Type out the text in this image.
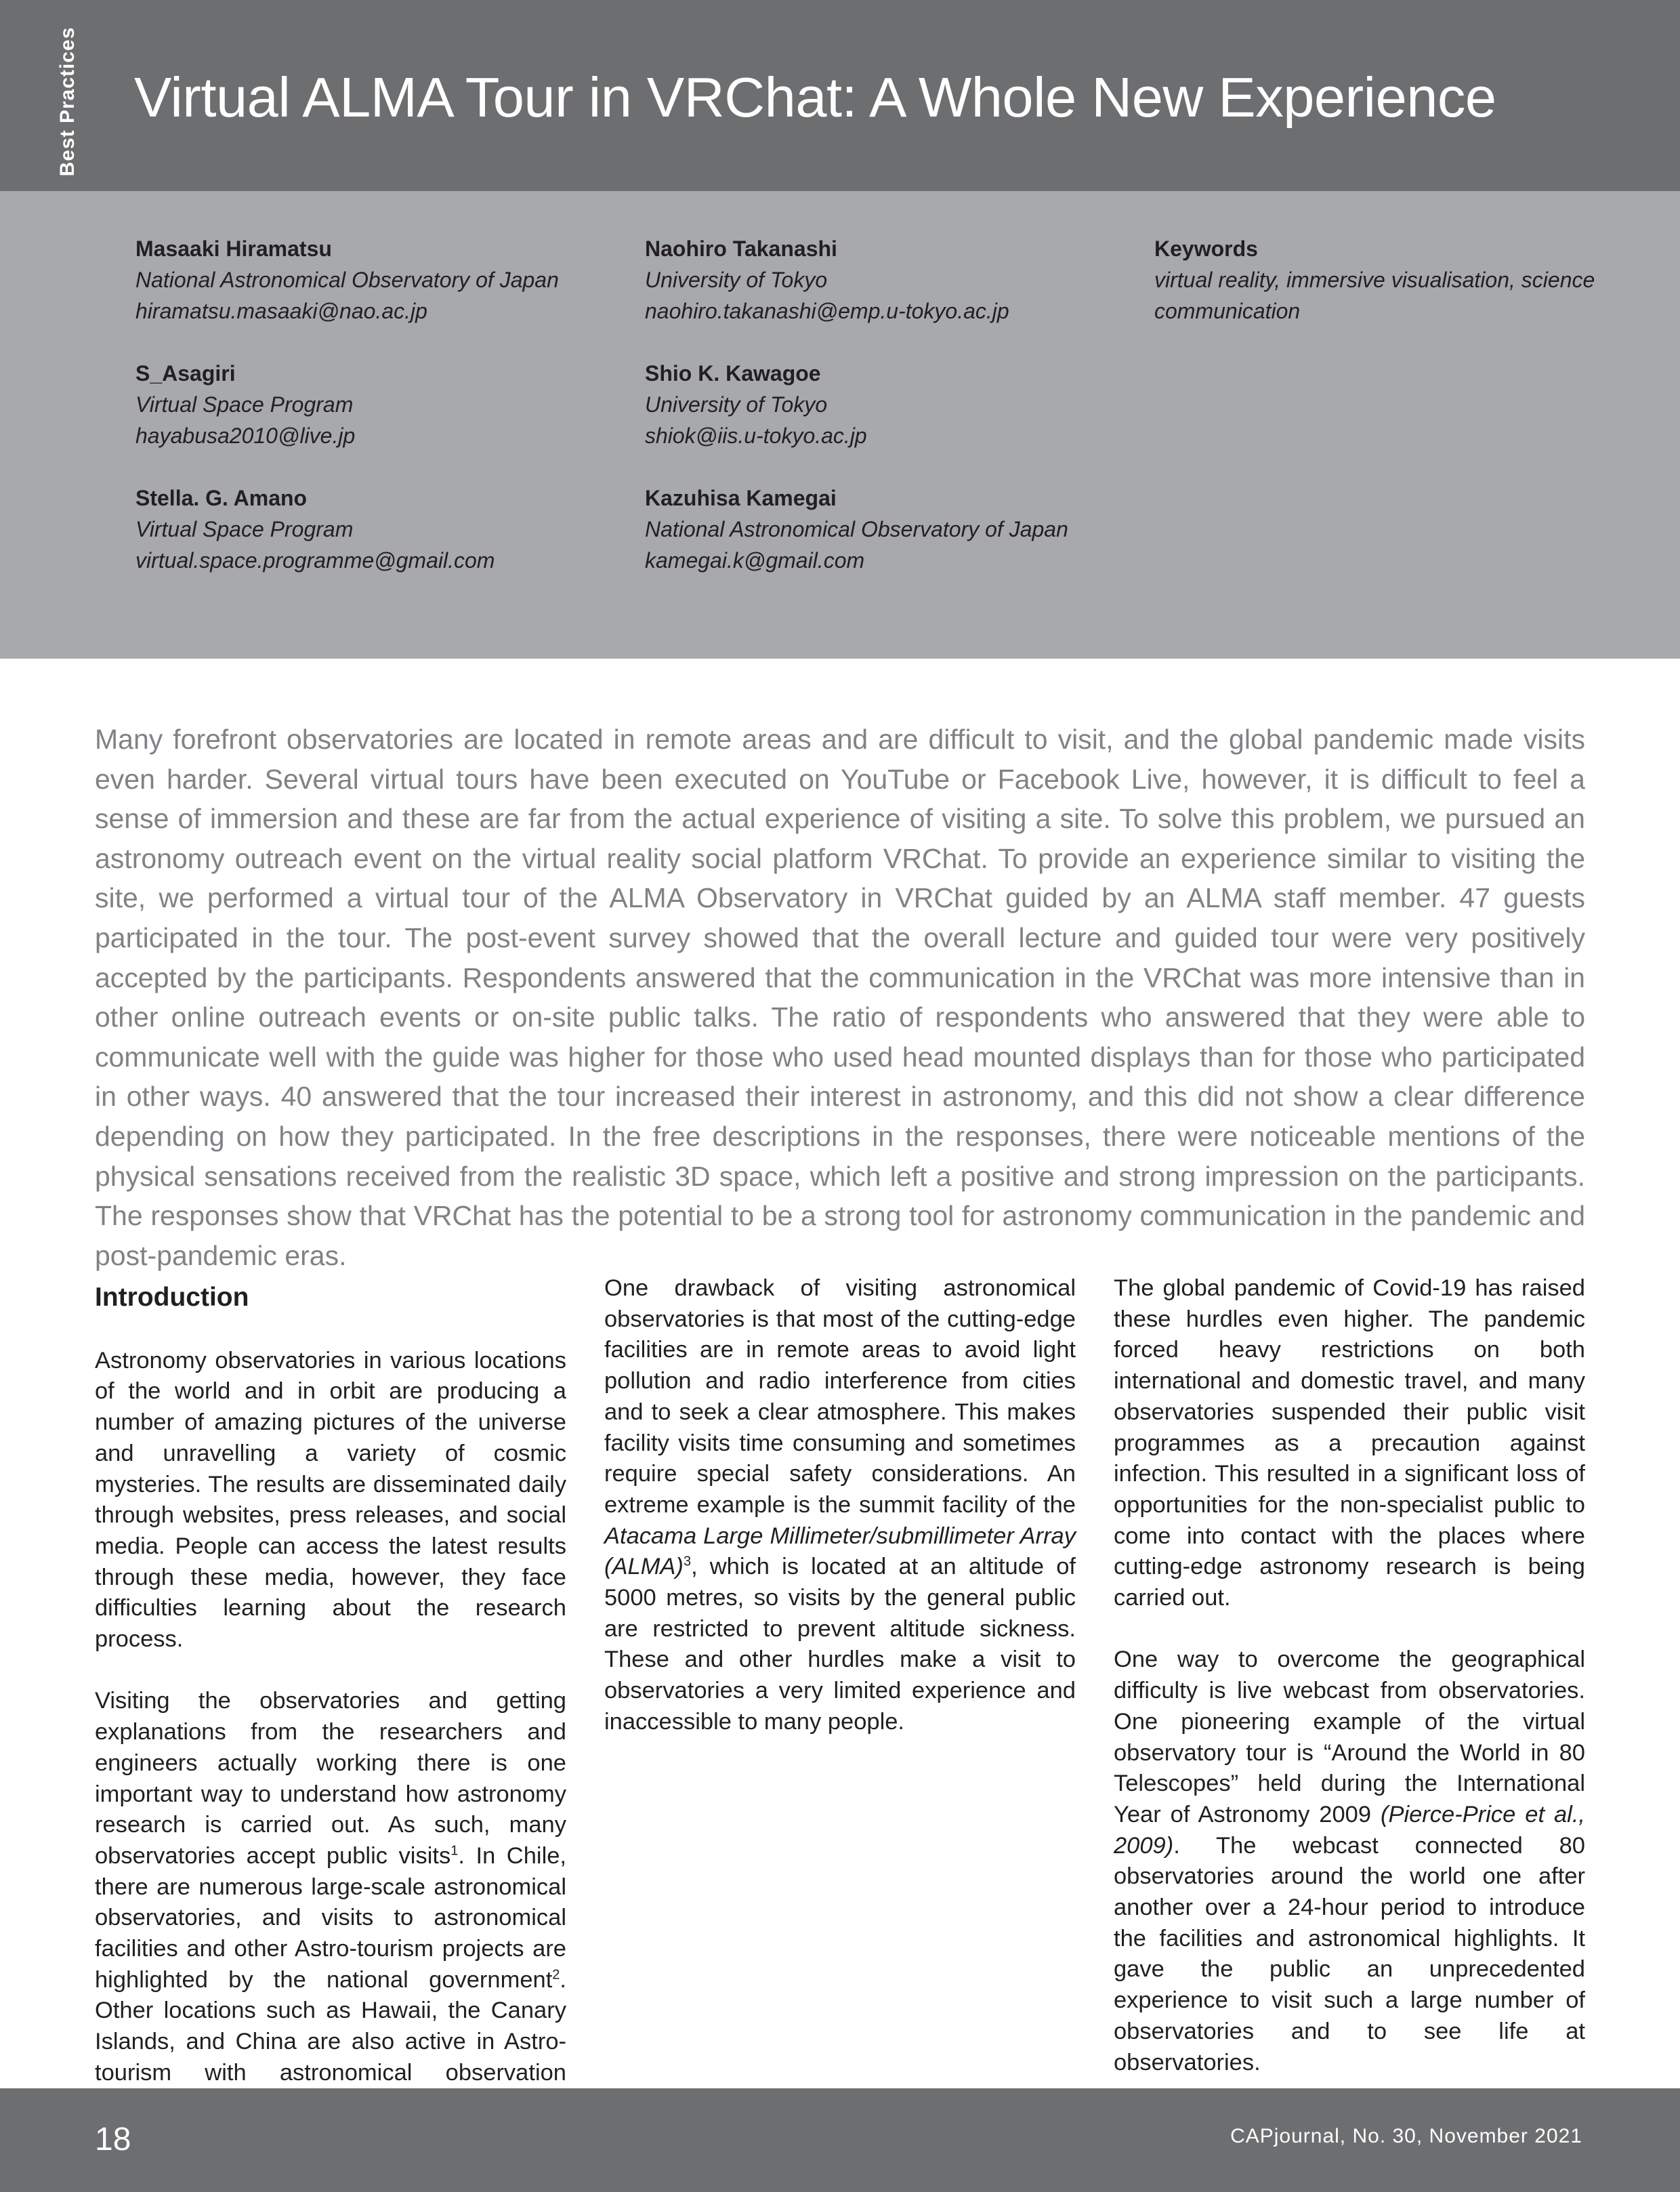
Best Practices Virtual ALMA Tour in VRChat: A Whole New Experience
Masaaki Hiramatsu
National Astronomical Observatory of Japan
hiramatsu.masaaki@nao.ac.jp
S_Asagiri
Virtual Space Program
hayabusa2010@live.jp
Stella. G. Amano
Virtual Space Program
virtual.space.programme@gmail.com
Naohiro Takanashi
University of Tokyo
naohiro.takanashi@emp.u-tokyo.ac.jp
Shio K. Kawagoe
University of Tokyo
shiok@iis.u-tokyo.ac.jp
Kazuhisa Kamegai
National Astronomical Observatory of Japan
kamegai.k@gmail.com
Keywords
virtual reality, immersive visualisation, science communication

Many forefront observatories are located in remote areas and are difficult to visit, and the global pandemic made visits even harder. Several virtual tours have been executed on YouTube or Facebook Live, however, it is difficult to feel a sense of immersion and these are far from the actual experience of visiting a site. To solve this problem, we pursued an astronomy outreach event on the virtual reality social platform VRChat. To provide an experience similar to visiting the site, we performed a virtual tour of the ALMA Observatory in VRChat guided by an ALMA staff member. 47 guests participated in the tour. The post-event survey showed that the overall lecture and guided tour were very positively accepted by the participants. Respondents answered that the communication in the VRChat was more intensive than in other online outreach events or on-site public talks. The ratio of respondents who answered that they were able to communicate well with the guide was higher for those who used head mounted displays than for those who participated in other ways. 40 answered that the tour increased their interest in astronomy, and this did not show a clear difference depending on how they participated. In the free descriptions in the responses, there were noticeable mentions of the physical sensations received from the realistic 3D space, which left a positive and strong impression on the participants. The responses show that VRChat has the potential to be a strong tool for astronomy communication in the pandemic and post-pandemic eras.

Introduction

Astronomy observatories in various locations of the world and in orbit are producing a number of amazing pictures of the universe and unravelling a variety of cosmic mysteries. The results are disseminated daily through websites, press releases, and social media. People can access the latest results through these media, however, they face difficulties learning about the research process.

Visiting the observatories and getting explanations from the researchers and engineers actually working there is one important way to understand how astronomy research is carried out. As such, many observatories accept public visits$^1$. In Chile, there are numerous large-scale astronomical observatories, and visits to astronomical facilities and other Astro-tourism projects are highlighted by the national government$^2$. Other locations such as Hawaii, the Canary Islands, and China are also active in Astro-tourism with astronomical observation

One drawback of visiting astronomical observatories is that most of the cutting-edge facilities are in remote areas to avoid light pollution and radio interference from cities and to seek a clear atmosphere. This makes facility visits time consuming and sometimes require special safety considerations. An extreme example is the summit facility of the Atacama Large Millimeter/submillimeter Array (ALMA)$^3$, which is located at an altitude of 5000 metres, so visits by the general public are restricted to prevent altitude sickness. These and other hurdles make a visit to observatories a very limited experience and inaccessible to many people.

The global pandemic of Covid-19 has raised these hurdles even higher. The pandemic forced heavy restrictions on both international and domestic travel, and many observatories suspended their public visit programmes as a precaution against infection. This resulted in a significant loss of opportunities for the non-specialist public to come into contact with the places where cutting-edge astronomy research is being carried out.

One way to overcome the geographical difficulty is live webcast from observatories. One pioneering example of the virtual observatory tour is “Around the World in 80 Telescopes” held during the International Year of Astronomy 2009 (Pierce-Price et al., 2009). The webcast connected 80 observatories around the world one after another over a 24-hour period to introduce the facilities and astronomical highlights. It gave the public an unprecedented experience to visit such a large number of observatories and to see life at observatories.

18	CAPjournal, No. 30, November 2021
